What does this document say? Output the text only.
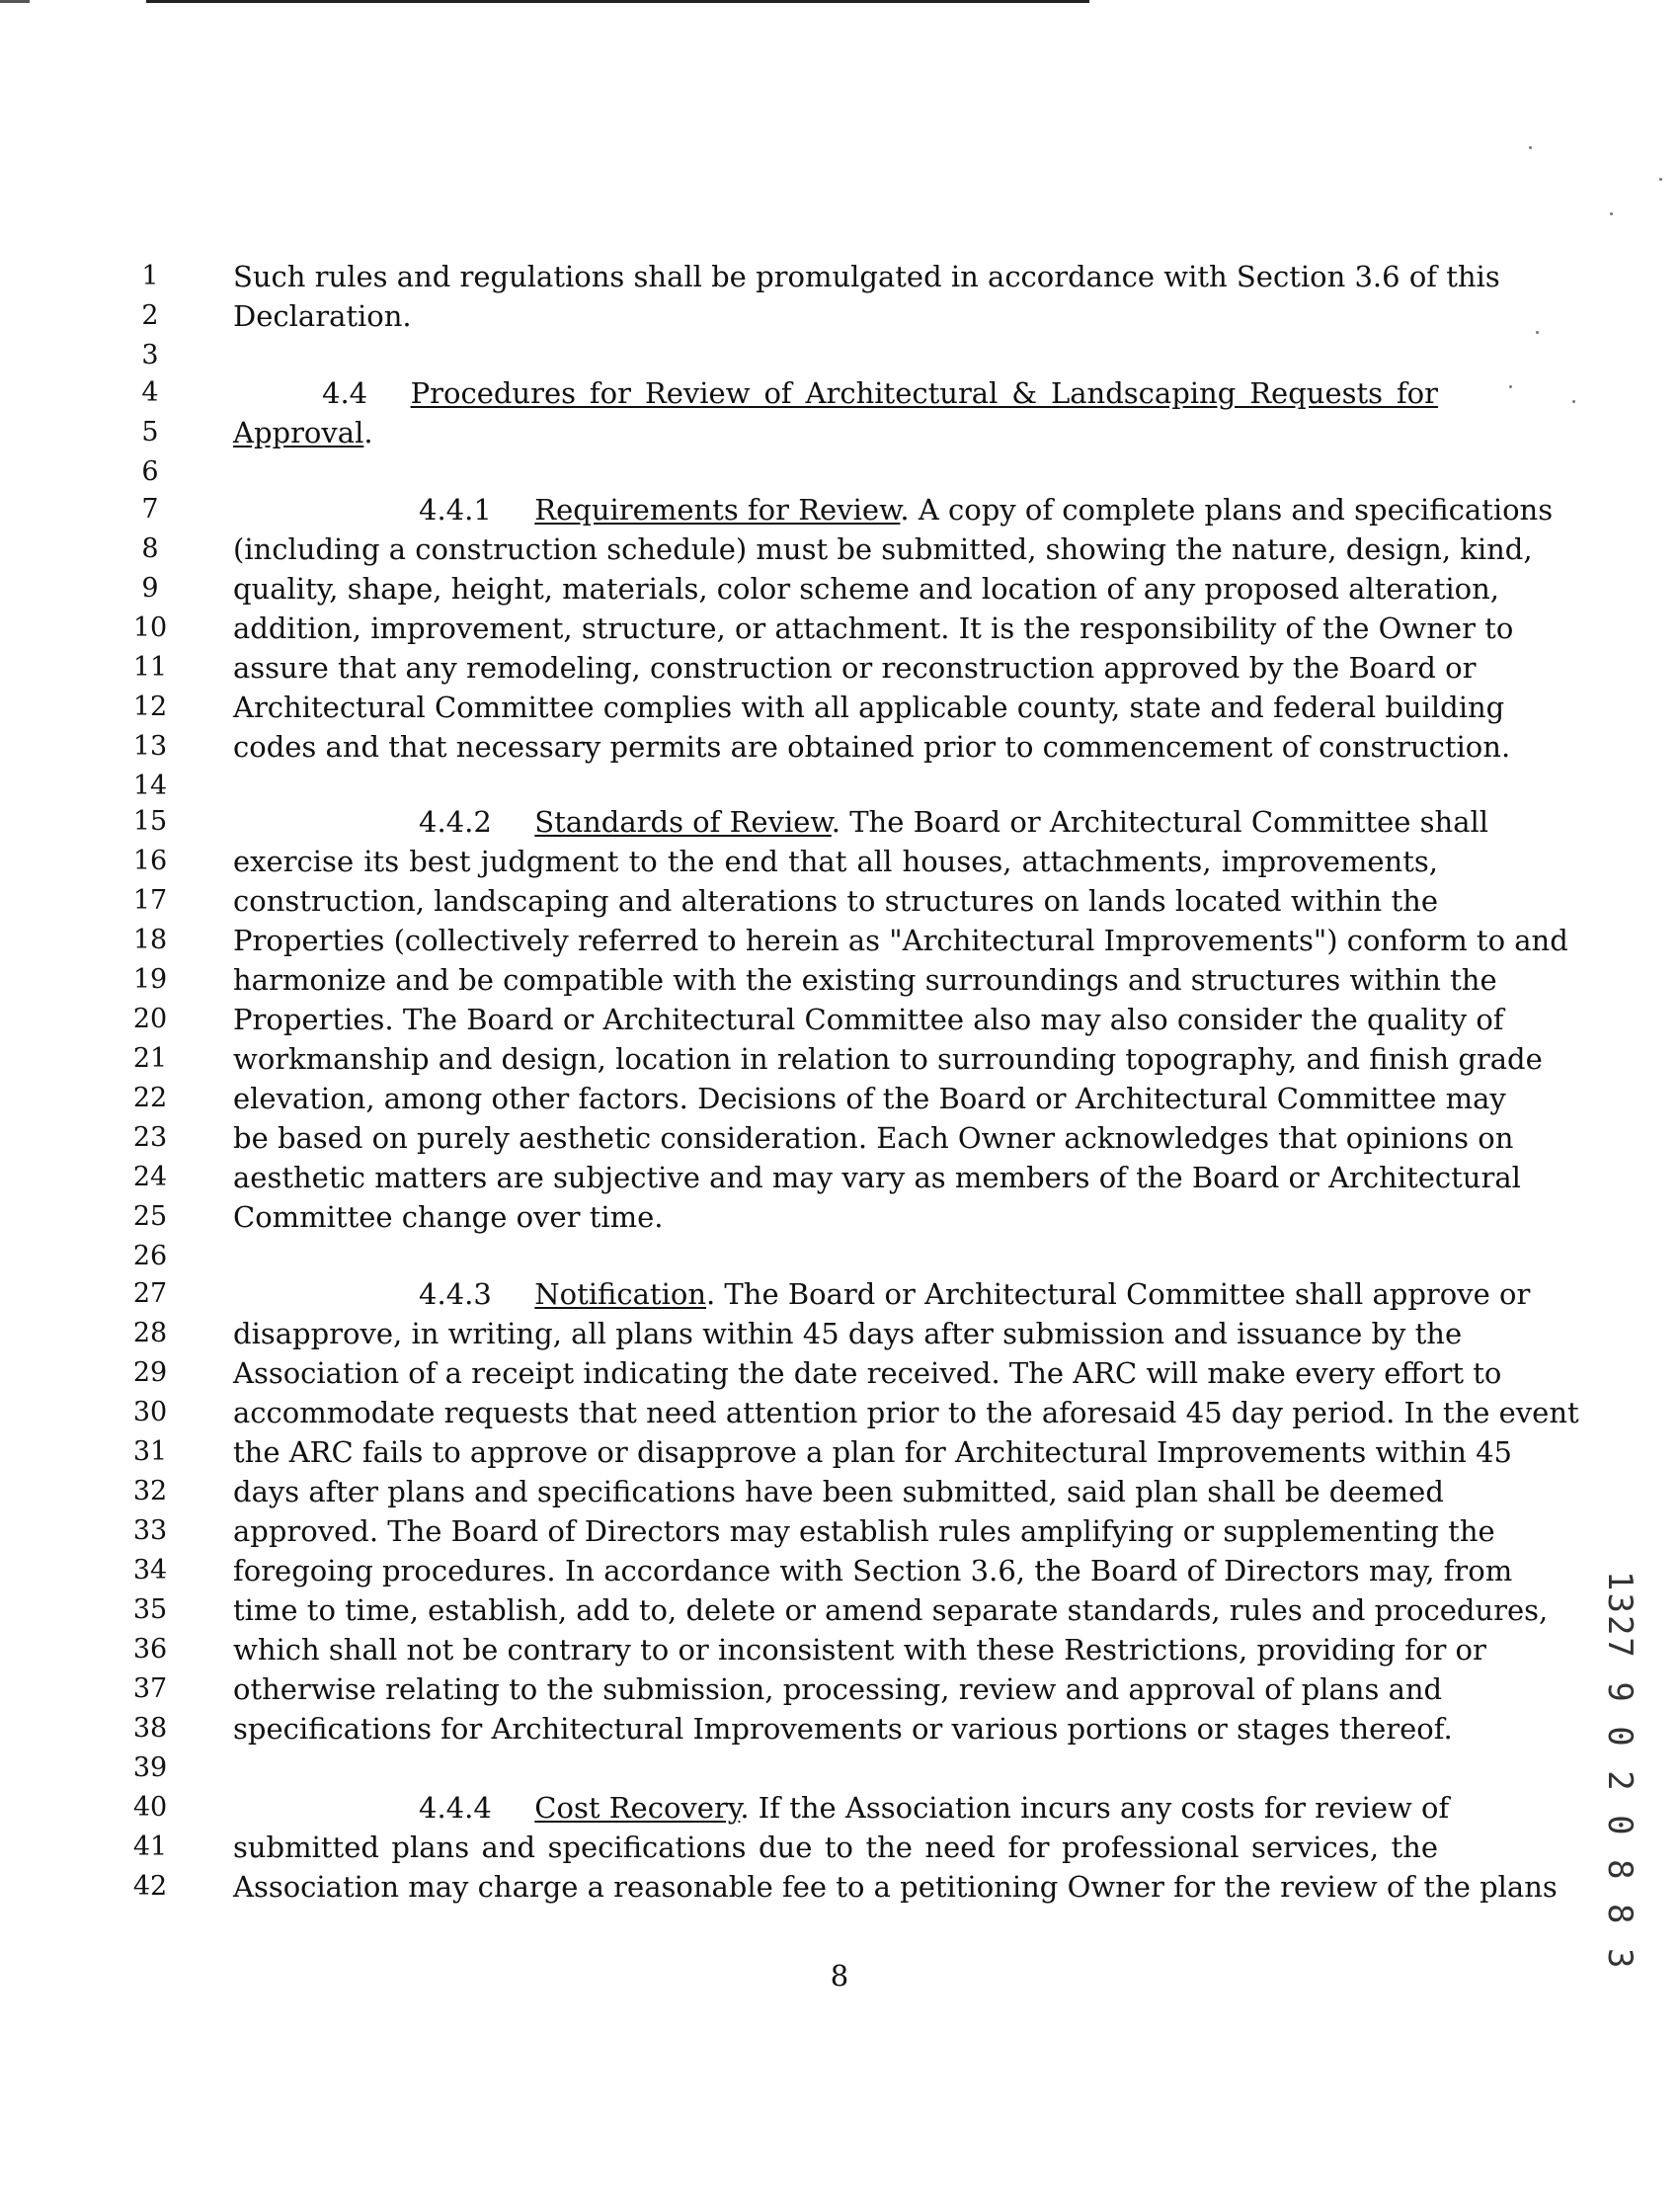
1	Such rules and regulations shall be promulgated in accordance with Section 3.6 of this
2	Declaration.
3
4	4.4   Procedures for Review of Architectural & Landscaping Requests for
5	Approval.
6
7	4.4.1   Requirements for Review. A copy of complete plans and specifications
8	(including a construction schedule) must be submitted, showing the nature, design, kind,
9	quality, shape, height, materials, color scheme and location of any proposed alteration,
10 addition, improvement, structure, or attachment. It is the responsibility of the Owner to
11 assure that any remodeling, construction or reconstruction approved by the Board or
12 Architectural Committee complies with all applicable county, state and federal building
13 codes and that necessary permits are obtained prior to commencement of construction.
14
15	4.4.2   Standards of Review. The Board or Architectural Committee shall
16 exercise its best judgment to the end that all houses, attachments, improvements,
17 construction, landscaping and alterations to structures on lands located within the
18 Properties (collectively referred to herein as "Architectural Improvements") conform to and
19 harmonize and be compatible with the existing surroundings and structures within the
20 Properties. The Board or Architectural Committee also may also consider the quality of
21 workmanship and design, location in relation to surrounding topography, and finish grade
22 elevation, among other factors. Decisions of the Board or Architectural Committee may
23 be based on purely aesthetic consideration. Each Owner acknowledges that opinions on
24 aesthetic matters are subjective and may vary as members of the Board or Architectural
25 Committee change over time.
26
27	4.4.3   Notification. The Board or Architectural Committee shall approve or
28 disapprove, in writing, all plans within 45 days after submission and issuance by the
29 Association of a receipt indicating the date received. The ARC will make every effort to
30 accommodate requests that need attention prior to the aforesaid 45 day period. In the event
31 the ARC fails to approve or disapprove a plan for Architectural Improvements within 45
32 days after plans and specifications have been submitted, said plan shall be deemed
33 approved. The Board of Directors may establish rules amplifying or supplementing the
34 foregoing procedures. In accordance with Section 3.6, the Board of Directors may, from
35 time to time, establish, add to, delete or amend separate standards, rules and procedures,
36 which shall not be contrary to or inconsistent with these Restrictions, providing for or
37 otherwise relating to the submission, processing, review and approval of plans and
38 specifications for Architectural Improvements or various portions or stages thereof.
39
40	4.4.4   Cost Recovery. If the Association incurs any costs for review of
41 submitted plans and specifications due to the need for professional services, the
42 Association may charge a reasonable fee to a petitioning Owner for the review of the plans
8
1327 9 0 2 0 8 8 3
